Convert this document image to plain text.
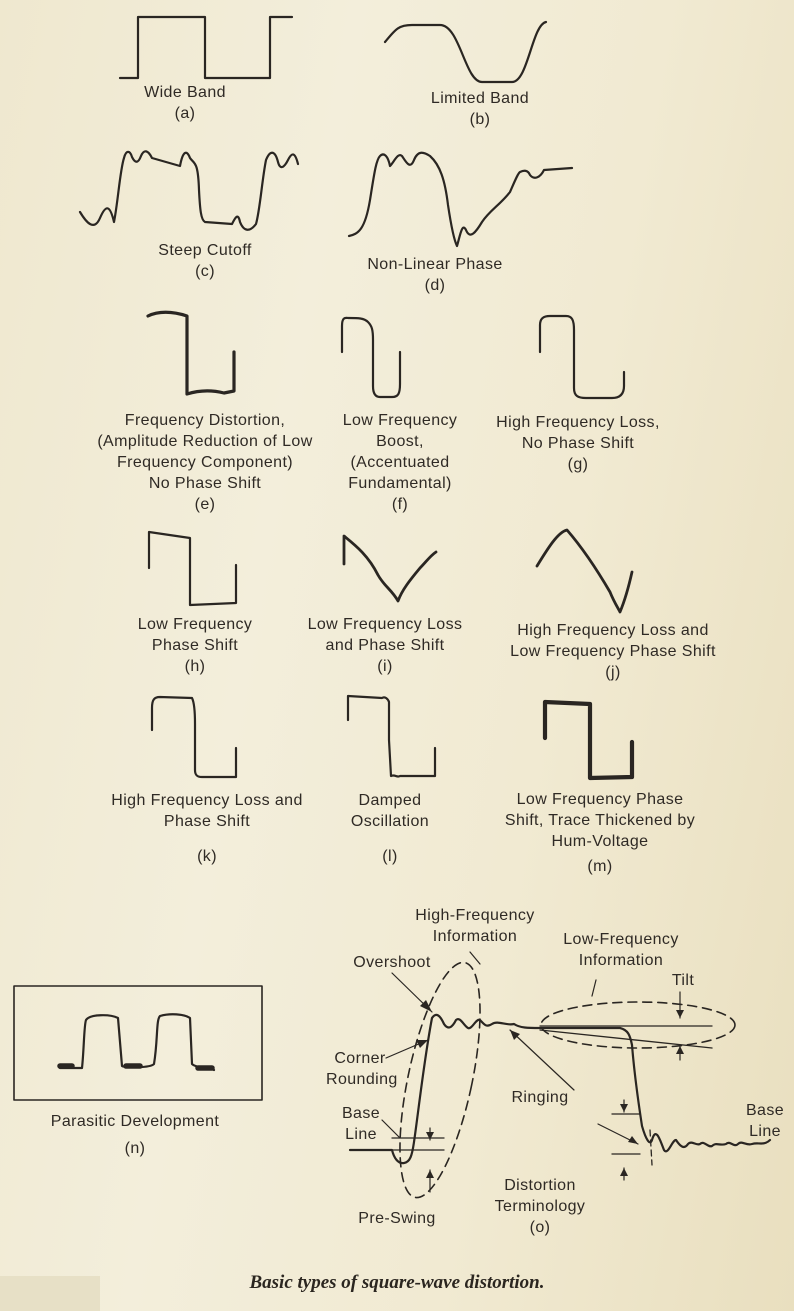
Wide Band
(a)
Limited Band
(b)
Steep Cutoff
(c)	Non-Linear Phase
(d)
Frequency Distortion,
(Amplitude Reduction of Low
Frequency Component)
No Phase Shift
(e)
Low Frequency
Boost,
(Accentuated
Fundamental)
(f)
High Frequency Loss,
No Phase Shift
(g)
Low Frequency
Phase Shift
(h)
Low Frequency Loss
and Phase Shift
(i)
High Frequency Loss and
Low Frequency Phase Shift
(j)
High Frequency Loss and
Phase Shift
(k)
Damped
Oscillation
(l)
Low Frequency Phase
Shift, Trace Thickened by
Hum-Voltage
(m)
Parasitic Development
(n)
Distortion
Terminology
(o)
High-Frequency
Information	Low-Frequency
Information
Overshoot
Tilt
Corner
Rounding
Ringing
Base
Line
Base
Line
Pre-Swing
Basic types of square-wave distortion.
